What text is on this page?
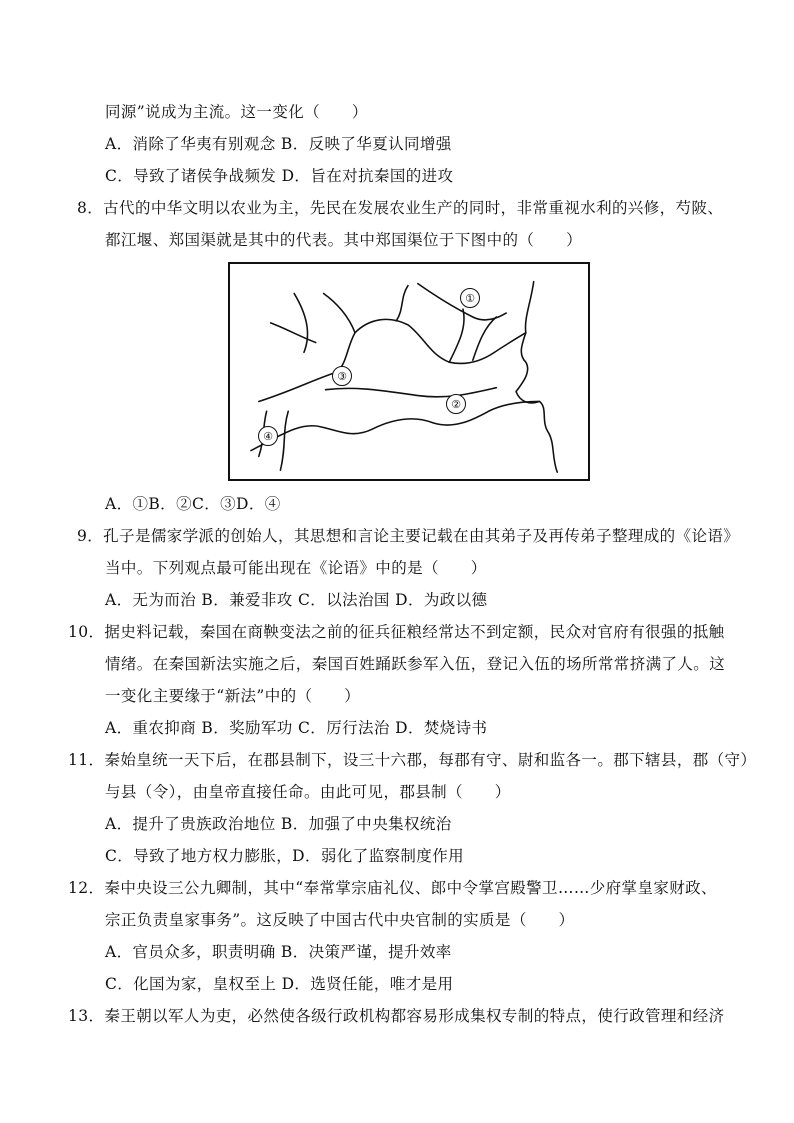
同源”说成为主流。这一变化（　　）
A．消除了华夷有别观念 B．反映了华夏认同增强
C．导致了诸侯争战频发 D．旨在对抗秦国的进攻
8．古代的中华文明以农业为主，先民在发展农业生产的同时，非常重视水利的兴修，芍陂、
都江堰、郑国渠就是其中的代表。其中郑国渠位于下图中的（　　）
①
②
③
④
A．①B．②C．③D．④
9．孔子是儒家学派的创始人，其思想和言论主要记载在由其弟子及再传弟子整理成的《论语》
当中。下列观点最可能出现在《论语》中的是（　　）
A．无为而治 B．兼爱非攻 C．以法治国 D．为政以德
10．据史料记载，秦国在商鞅变法之前的征兵征粮经常达不到定额，民众对官府有很强的抵触
情绪。在秦国新法实施之后，秦国百姓踊跃参军入伍，登记入伍的场所常常挤满了人。这
一变化主要缘于“新法”中的（　　）
A．重农抑商 B．奖励军功 C．厉行法治 D．焚烧诗书
11．秦始皇统一天下后，在郡县制下，设三十六郡，每郡有守、尉和监各一。郡下辖县，郡（守）
与县（令），由皇帝直接任命。由此可见，郡县制（　　）
A．提升了贵族政治地位 B．加强了中央集权统治
C．导致了地方权力膨胀，D．弱化了监察制度作用
12．秦中央设三公九卿制，其中“奉常掌宗庙礼仪、郎中令掌宫殿警卫……少府掌皇家财政、
宗正负责皇家事务”。这反映了中国古代中央官制的实质是（　　）
A．官员众多，职责明确 B．决策严谨，提升效率
C．化国为家，皇权至上 D．选贤任能，唯才是用
13．秦王朝以军人为吏，必然使各级行政机构都容易形成集权专制的特点，使行政管理和经济
